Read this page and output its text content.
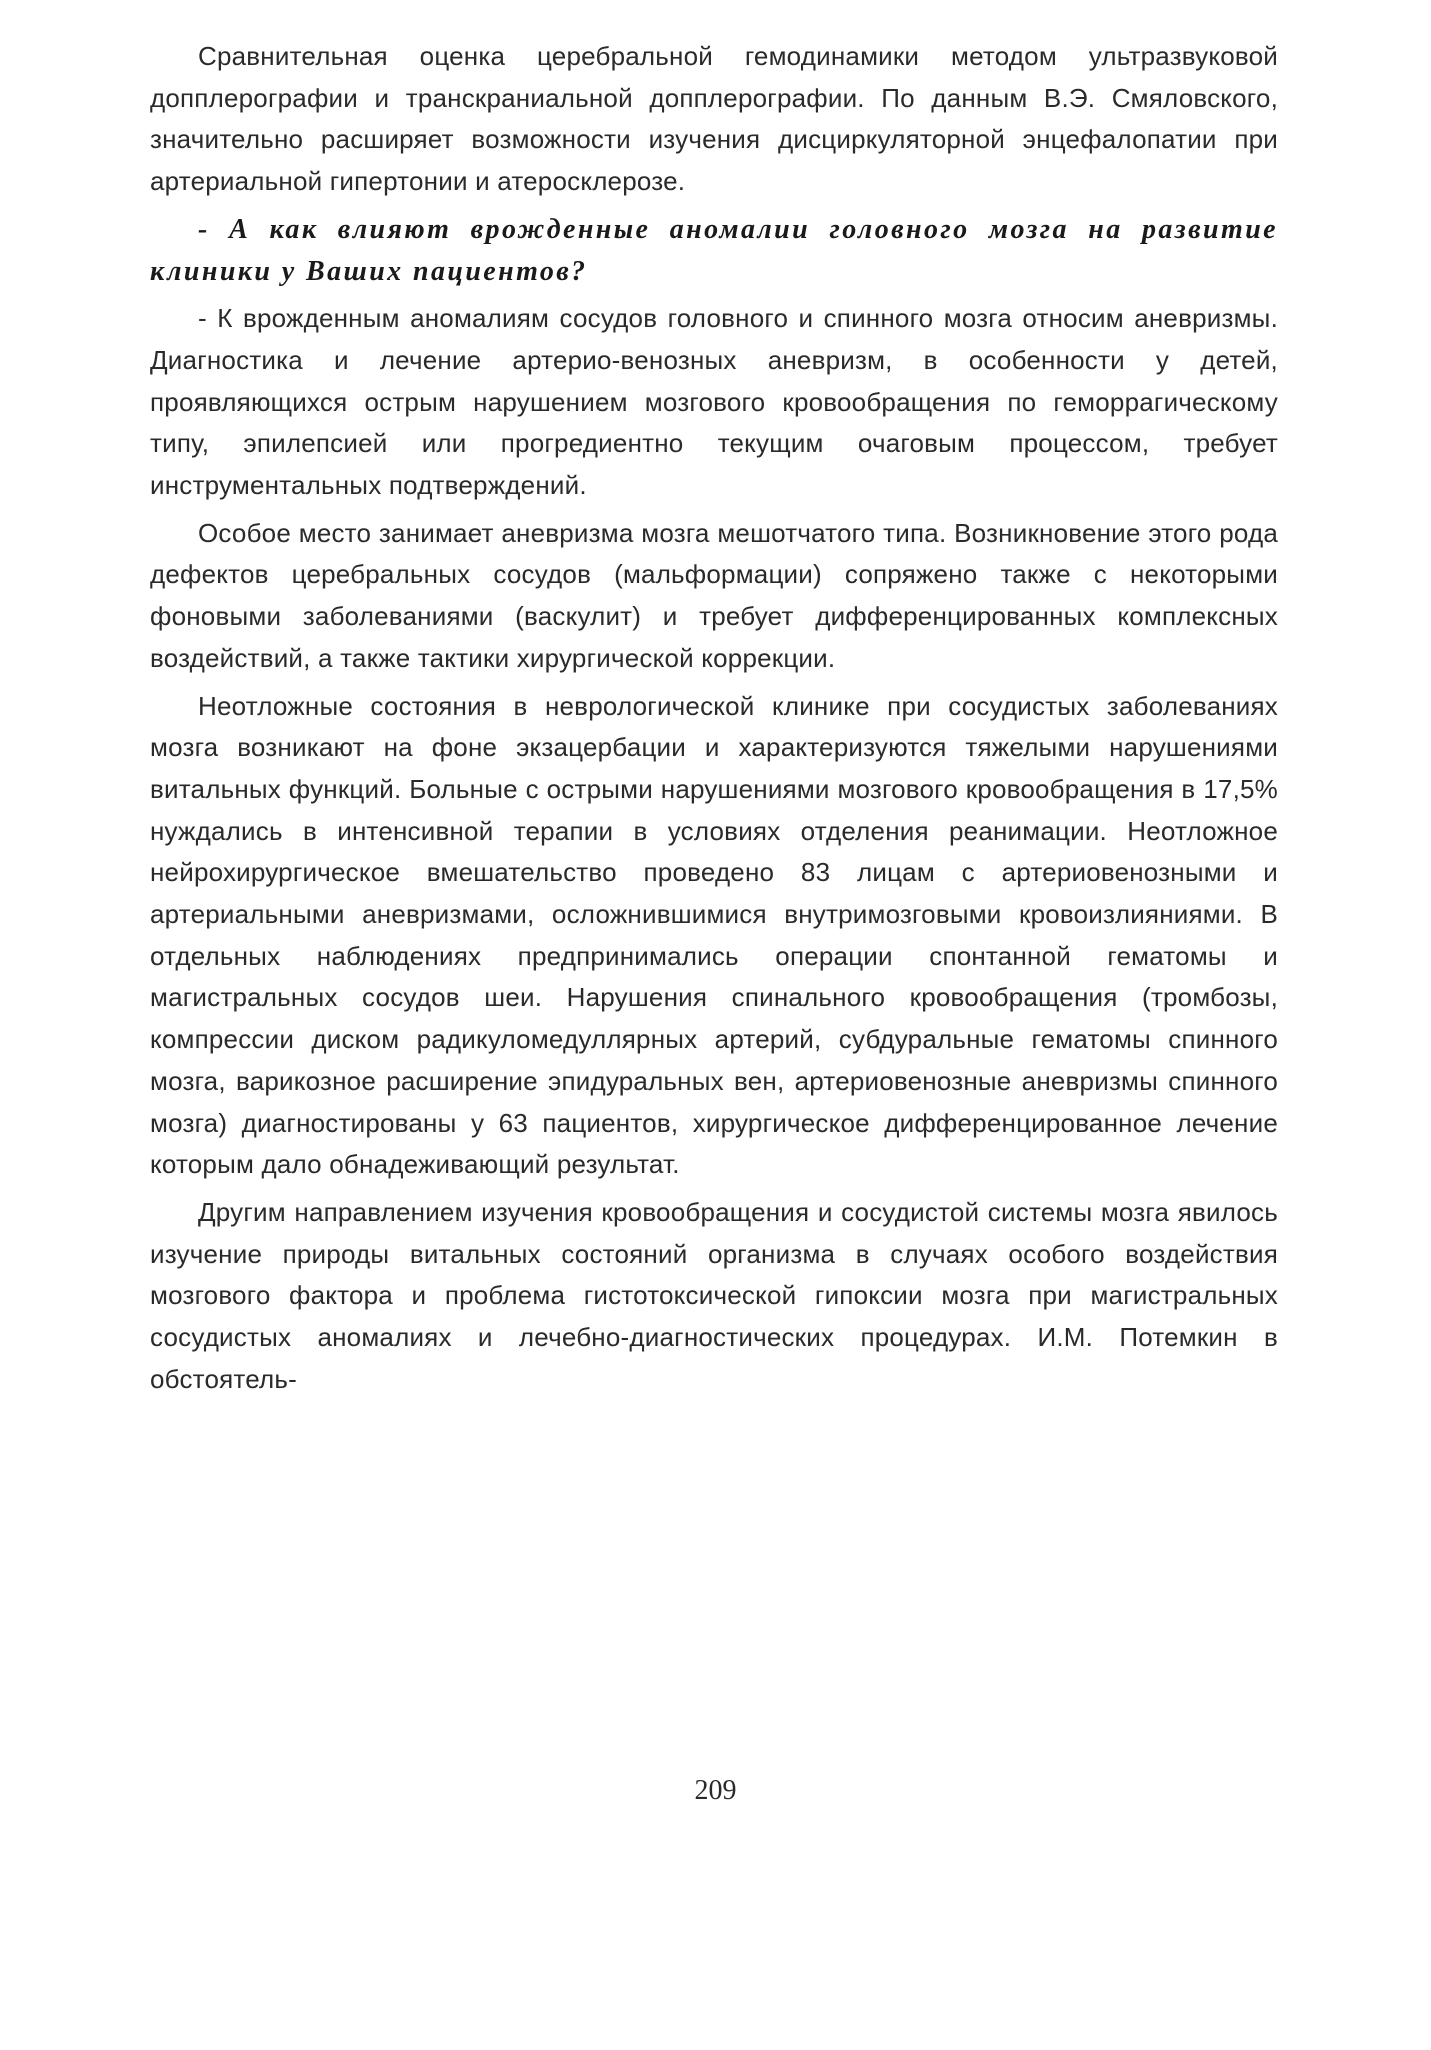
Сравнительная оценка церебральной гемодинамики методом ультразвуковой допплерографии и транскраниальной допплерографии. По данным В.Э. Смяловского, значительно расширяет возможности изучения дисциркуляторной энцефалопатии при артериальной гипертонии и атеросклерозе.

- А как влияют врожденные аномалии головного мозга на развитие клиники у Ваших пациентов?

- К врожденным аномалиям сосудов головного и спинного мозга относим аневризмы. Диагностика и лечение артерио-венозных аневризм, в особенности у детей, проявляющихся острым нарушением мозгового кровообращения по геморрагическому типу, эпилепсией или прогредиентно текущим очаговым процессом, требует инструментальных подтверждений.

Особое место занимает аневризма мозга мешотчатого типа. Возникновение этого рода дефектов церебральных сосудов (мальформации) сопряжено также с некоторыми фоновыми заболеваниями (васкулит) и требует дифференцированных комплексных воздействий, а также тактики хирургической коррекции.

Неотложные состояния в неврологической клинике при сосудистых заболеваниях мозга возникают на фоне экзацербации и характеризуются тяжелыми нарушениями витальных функций. Больные с острыми нарушениями мозгового кровообращения в 17,5% нуждались в интенсивной терапии в условиях отделения реанимации. Неотложное нейрохирургическое вмешательство проведено 83 лицам с артериовенозными и артериальными аневризмами, осложнившимися внутримозговыми кровоизлияниями. В отдельных наблюдениях предпринимались операции спонтанной гематомы и магистральных сосудов шеи. Нарушения спинального кровообращения (тромбозы, компрессии диском радикуломедуллярных артерий, субдуральные гематомы спинного мозга, варикозное расширение эпидуральных вен, артериовенозные аневризмы спинного мозга) диагностированы у 63 пациентов, хирургическое дифференцированное лечение которым дало обнадеживающий результат.

Другим направлением изучения кровообращения и сосудистой системы мозга явилось изучение природы витальных состояний организма в случаях особого воздействия мозгового фактора и проблема гистотоксической гипоксии мозга при магистральных сосудистых аномалиях и лечебно-диагностических процедурах. И.М. Потемкин в обстоятель-

209
